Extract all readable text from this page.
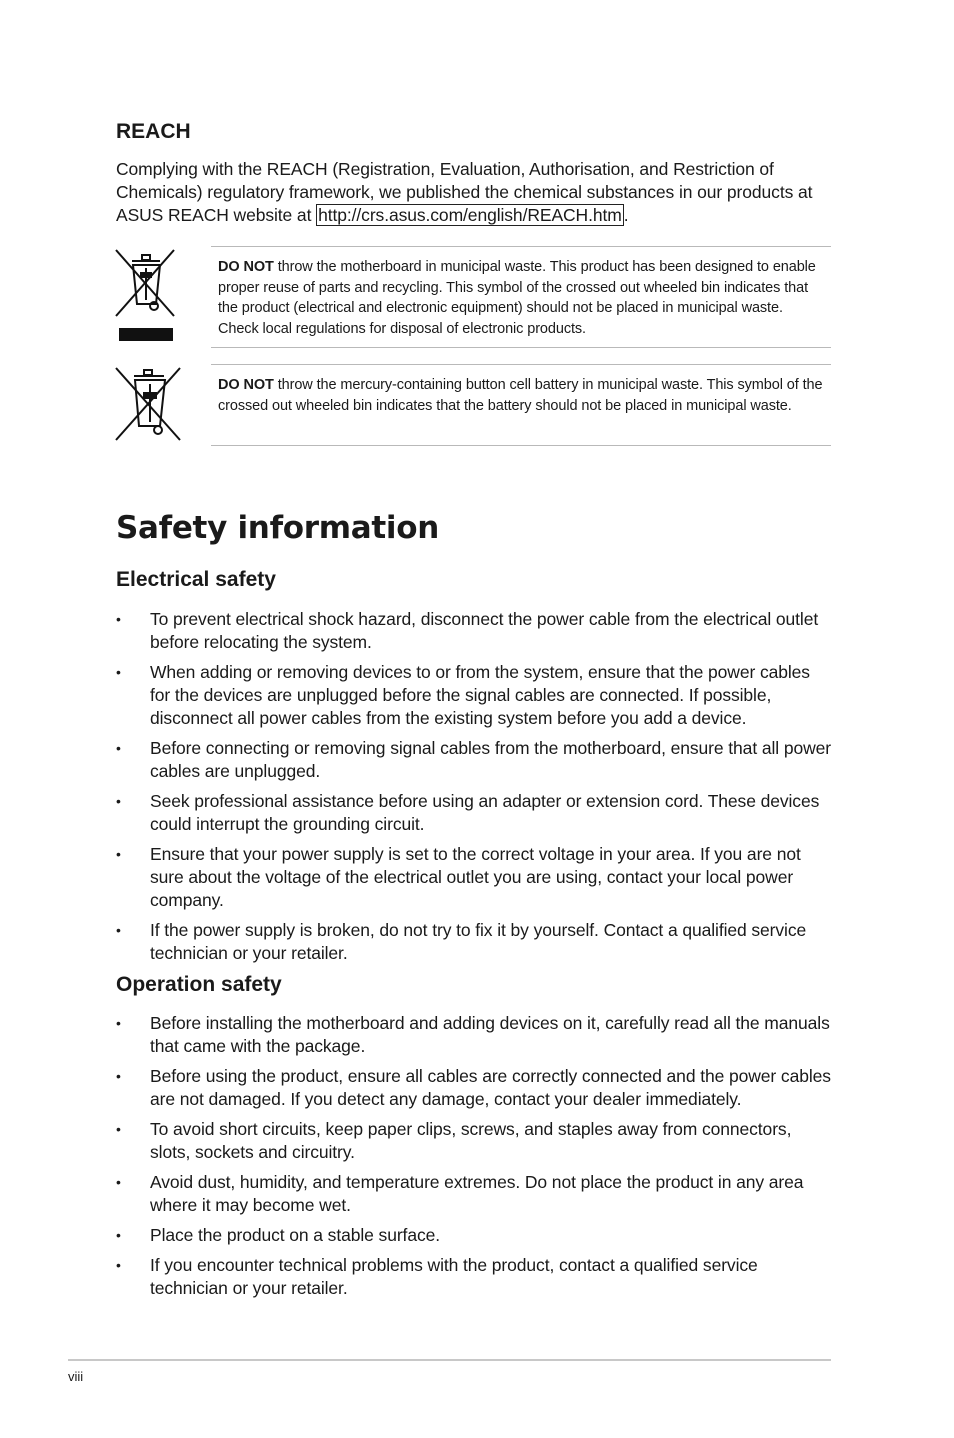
REACH

Complying with the REACH (Registration, Evaluation, Authorisation, and Restriction of Chemicals) regulatory framework, we published the chemical substances in our products at ASUS REACH website at http://crs.asus.com/english/REACH.htm .

DO NOT throw the motherboard in municipal waste. This product has been designed to enable proper reuse of parts and recycling. This symbol of the crossed out wheeled bin indicates that the product (electrical and electronic equipment) should not be placed in municipal waste. Check local regulations for disposal of electronic products.

DO NOT throw the mercury-containing button cell battery in municipal waste. This symbol of the crossed out wheeled bin indicates that the battery should not be placed in municipal waste.

Safety information
Electrical safety
• To prevent electrical shock hazard, disconnect the power cable from the electrical outlet before relocating the system.
• When adding or removing devices to or from the system, ensure that the power cables for the devices are unplugged before the signal cables are connected. If possible, disconnect all power cables from the existing system before you add a device.
• Before connecting or removing signal cables from the motherboard, ensure that all power cables are unplugged.
• Seek professional assistance before using an adapter or extension cord. These devices could interrupt the grounding circuit.
• Ensure that your power supply is set to the correct voltage in your area. If you are not sure about the voltage of the electrical outlet you are using, contact your local power company.
• If the power supply is broken, do not try to fix it by yourself. Contact a qualified service technician or your retailer.
Operation safety
• Before installing the motherboard and adding devices on it, carefully read all the manuals that came with the package.
• Before using the product, ensure all cables are correctly connected and the power cables are not damaged. If you detect any damage, contact your dealer immediately.
• To avoid short circuits, keep paper clips, screws, and staples away from connectors, slots, sockets and circuitry.
• Avoid dust, humidity, and temperature extremes. Do not place the product in any area where it may become wet.
• Place the product on a stable surface.
• If you encounter technical problems with the product, contact a qualified service technician or your retailer.
viii
